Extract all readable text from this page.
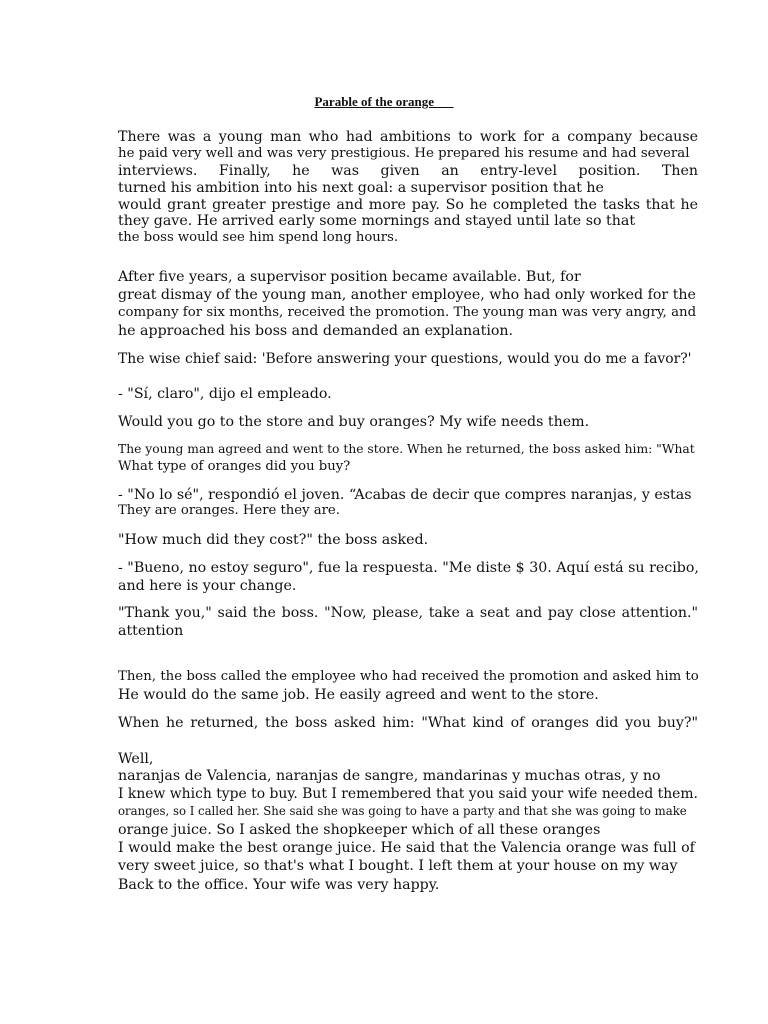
Parable of the orange
There was a young man who had ambitions to work for a company because
he paid very well and was very prestigious. He prepared his resume and had several
interviews. Finally, he was given an entry-level position. Then
turned his ambition into his next goal: a supervisor position that he
would grant greater prestige and more pay. So he completed the tasks that he
they gave. He arrived early some mornings and stayed until late so that
the boss would see him spend long hours.
After five years, a supervisor position became available. But, for
great dismay of the young man, another employee, who had only worked for the
company for six months, received the promotion. The young man was very angry, and
he approached his boss and demanded an explanation.
The wise chief said: 'Before answering your questions, would you do me a favor?'
- "Sí, claro", dijo el empleado.
Would you go to the store and buy oranges? My wife needs them.
The young man agreed and went to the store. When he returned, the boss asked him: "What
What type of oranges did you buy?
- "No lo sé", respondió el joven. “Acabas de decir que compres naranjas, y estas
They are oranges. Here they are.
"How much did they cost?" the boss asked.
- "Bueno, no estoy seguro", fue la respuesta. "Me diste $ 30. Aquí está su recibo,
and here is your change.
"Thank you," said the boss. "Now, please, take a seat and pay close attention."
attention
Then, the boss called the employee who had received the promotion and asked him to
He would do the same job. He easily agreed and went to the store.
When he returned, the boss asked him: "What kind of oranges did you buy?"
Well,
naranjas de Valencia, naranjas de sangre, mandarinas y muchas otras, y no
I knew which type to buy. But I remembered that you said your wife needed them.
oranges, so I called her. She said she was going to have a party and that she was going to make
orange juice. So I asked the shopkeeper which of all these oranges
I would make the best orange juice. He said that the Valencia orange was full of
very sweet juice, so that's what I bought. I left them at your house on my way
Back to the office. Your wife was very happy.
